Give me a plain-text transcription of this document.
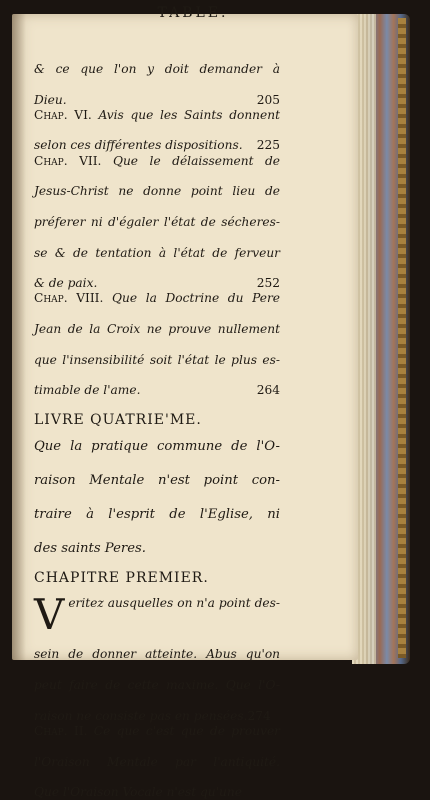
TABLE.
& ce que l'on y doit demander à
Dieu.	205
Chap. VI. Avis que les Saints donnent
selon ces différentes dispositions. 225
Chap. VII. Que le délaissement de
Jesus-Christ ne donne point lieu de
préferer ni d'égaler l'état de sécheres-
se & de tentation à l'état de ferveur
& de paix.	252
Chap. VIII. Que la Doctrine du Pere
Jean de la Croix ne prouve nullement
que l'insensibilité soit l'état le plus es-
timable de l'ame.	264
LIVRE QUATRIE'ME.
Que la pratique commune de l'O-
raison Mentale n'est point con-
traire à l'esprit de l'Eglise, ni
des saints Peres.
CHAPITRE PREMIER.
V eritez ausquelles on n'a point des-
sein de donner atteinte. Abus qu'on
peut faire de cette maxime. Que l'O-
raison ne consiste pas en pensées.274
Chap. II. Ce que c'est que de prouver
l'Oraison Mentale par l'antiquité.
Que l'Oraison Vocale n'est qu'une
